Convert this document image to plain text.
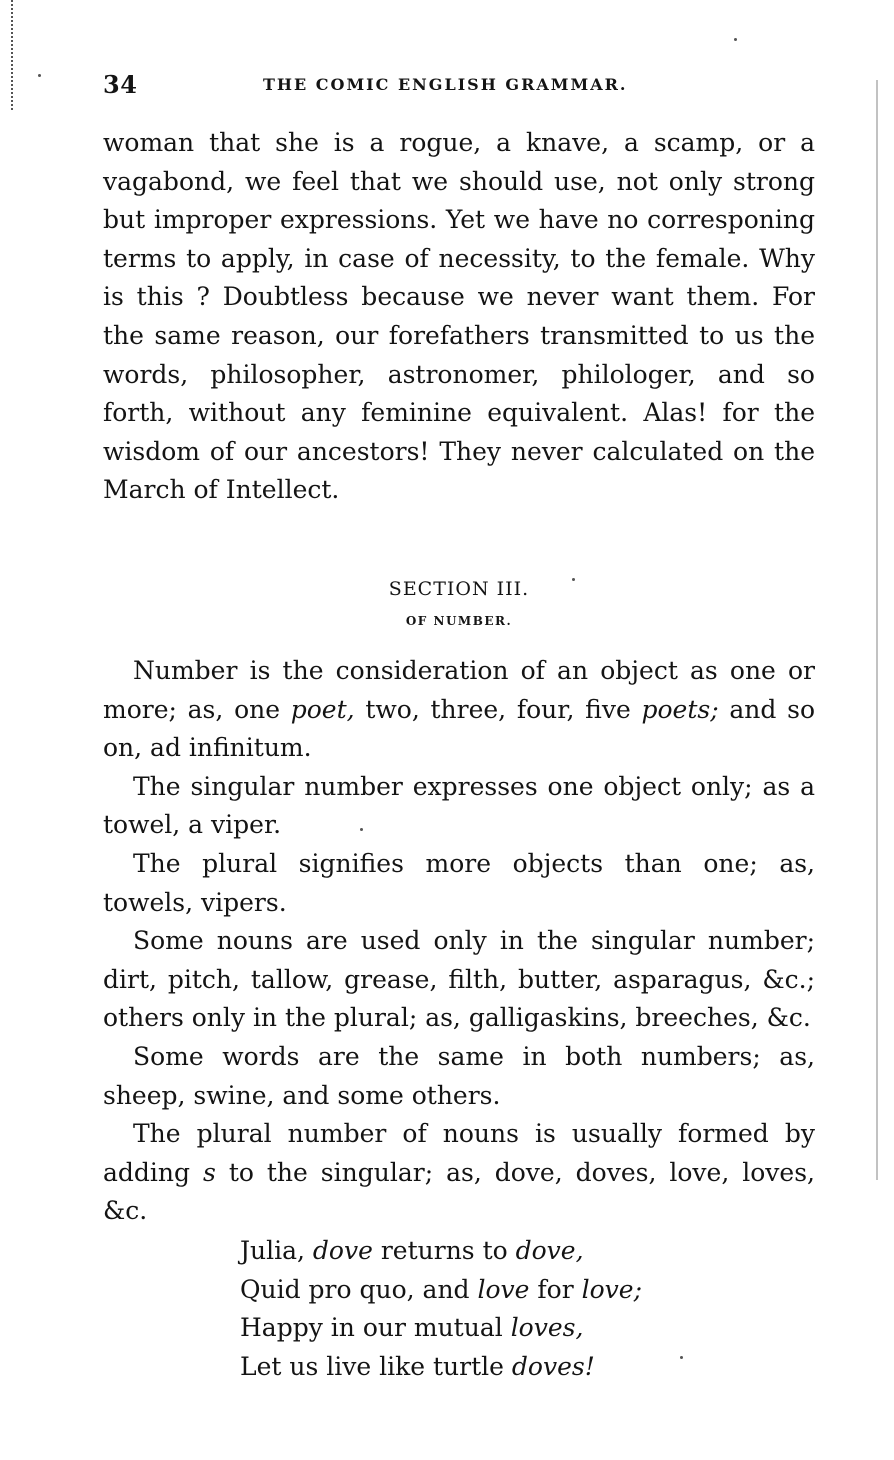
34	THE COMIC ENGLISH GRAMMAR.

woman that she is a rogue, a knave, a scamp, or a vagabond, we feel that we should use, not only strong but improper expressions. Yet we have no corresponing terms to apply, in case of necessity, to the female. Why is this ? Doubtless because we never want them. For the same reason, our forefathers transmitted to us the words, philosopher, astronomer, philologer, and so forth, without any feminine equivalent. Alas! for the wisdom of our ancestors! They never calculated on the March of Intellect.

SECTION III.

OF NUMBER.

Number is the consideration of an object as one or more; as, one poet, two, three, four, five poets; and so on, ad infinitum.

The singular number expresses one object only; as a towel, a viper.

The plural signifies more objects than one; as, towels, vipers.

Some nouns are used only in the singular number; dirt, pitch, tallow, grease, filth, butter, asparagus, &c.; others only in the plural; as, galligaskins, breeches, &c.

Some words are the same in both numbers; as, sheep, swine, and some others.

The plural number of nouns is usually formed by adding s to the singular; as, dove, doves, love, loves, &c.

Julia, dove returns to dove,
Quid pro quo, and love for love;
Happy in our mutual loves,
Let us live like turtle doves!
